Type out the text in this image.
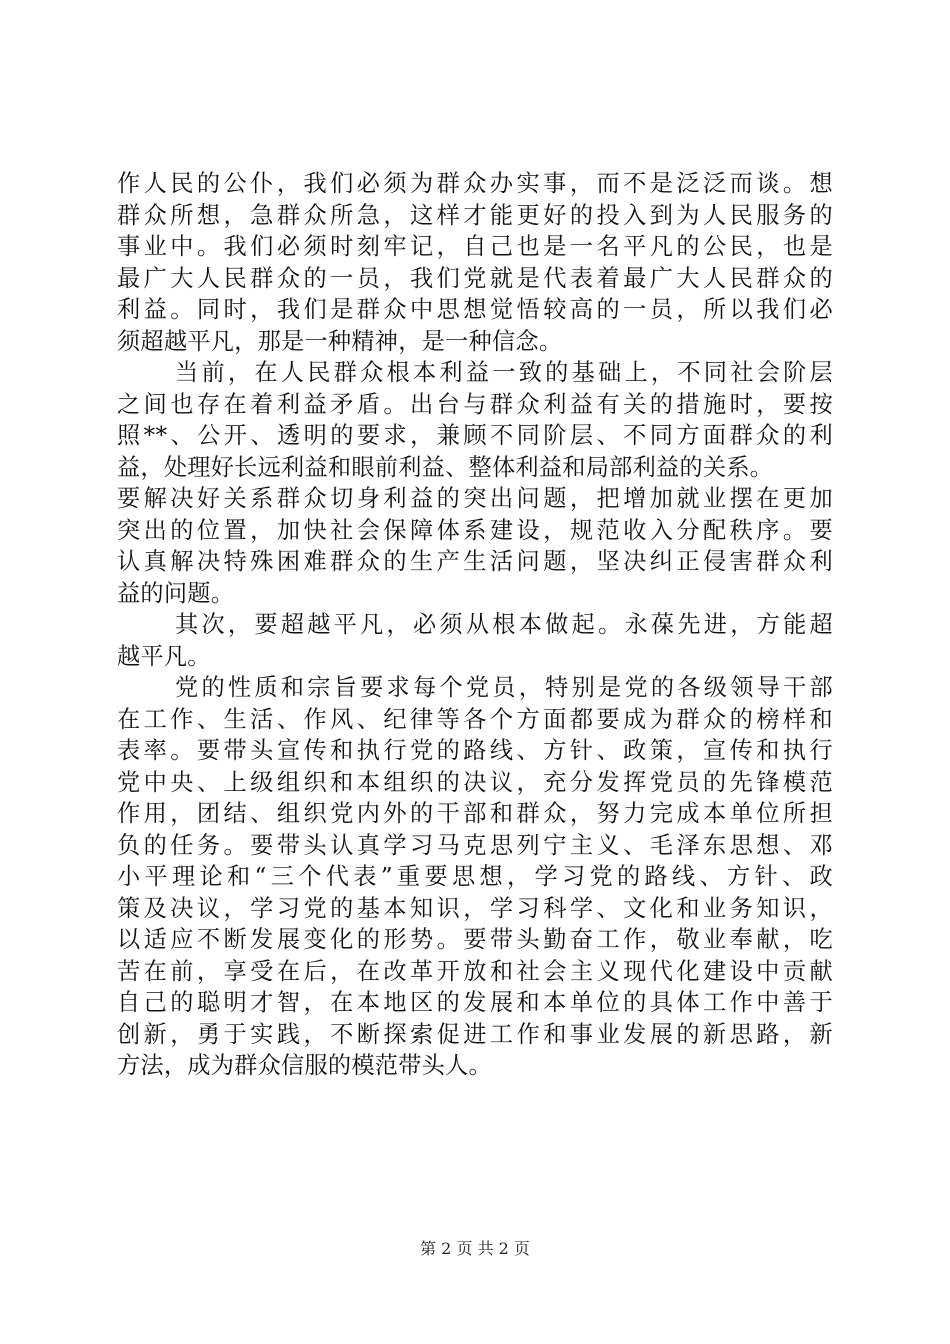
作人民的公仆，我们必须为群众办实事，而不是泛泛而谈。想
群众所想，急群众所急，这样才能更好的投入到为人民服务的
事业中。我们必须时刻牢记，自己也是一名平凡的公民，也是
最广大人民群众的一员，我们党就是代表着最广大人民群众的
利益。同时，我们是群众中思想觉悟较高的一员，所以我们必
须超越平凡，那是一种精神，是一种信念。
当前，在人民群众根本利益一致的基础上，不同社会阶层
之间也存在着利益矛盾。出台与群众利益有关的措施时，要按
照**、公开、透明的要求，兼顾不同阶层、不同方面群众的利
益，处理好长远利益和眼前利益、整体利益和局部利益的关系。
要解决好关系群众切身利益的突出问题，把增加就业摆在更加
突出的位置，加快社会保障体系建设，规范收入分配秩序。要
认真解决特殊困难群众的生产生活问题，坚决纠正侵害群众利
益的问题。
其次，要超越平凡，必须从根本做起。永葆先进，方能超
越平凡。
党的性质和宗旨要求每个党员，特别是党的各级领导干部
在工作、生活、作风、纪律等各个方面都要成为群众的榜样和
表率。要带头宣传和执行党的路线、方针、政策，宣传和执行
党中央、上级组织和本组织的决议，充分发挥党员的先锋模范
作用，团结、组织党内外的干部和群众，努力完成本单位所担
负的任务。要带头认真学习马克思列宁主义、毛泽东思想、邓
小平理论和“三个代表”重要思想，学习党的路线、方针、政
策及决议，学习党的基本知识，学习科学、文化和业务知识，
以适应不断发展变化的形势。要带头勤奋工作，敬业奉献，吃
苦在前，享受在后，在改革开放和社会主义现代化建设中贡献
自己的聪明才智，在本地区的发展和本单位的具体工作中善于
创新，勇于实践，不断探索促进工作和事业发展的新思路，新
方法，成为群众信服的模范带头人。
第 2 页 共 2 页
